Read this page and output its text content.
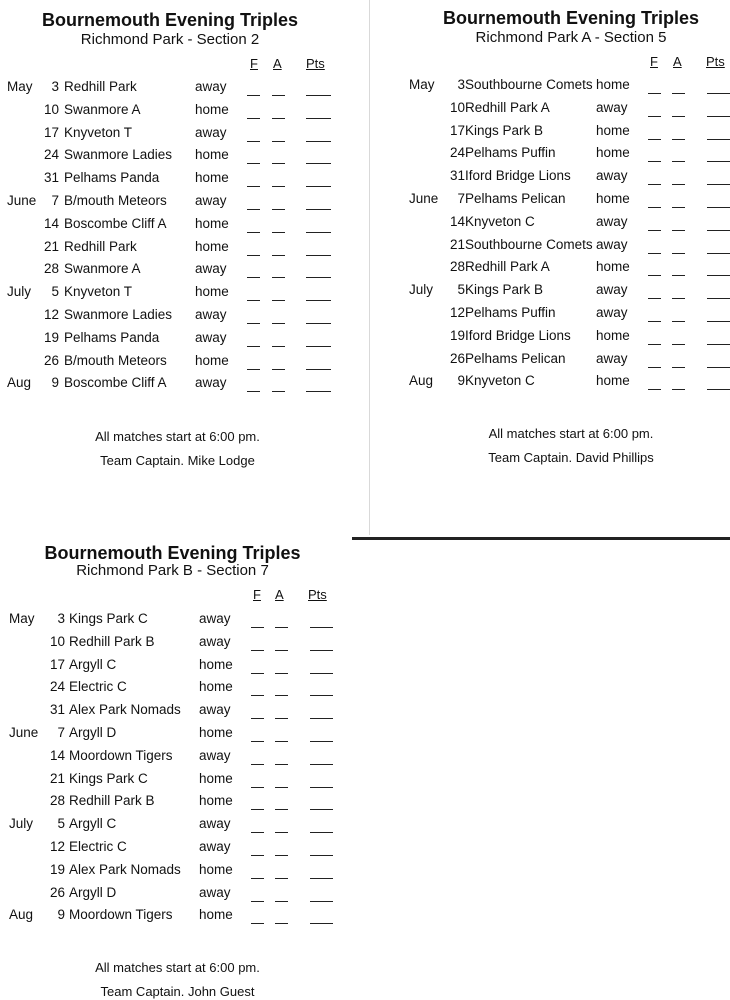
Bournemouth Evening Triples
Richmond Park - Section 2
F A Pts
May	3 Redhill Park	away
10 Swanmore A	home
17 Knyveton T	away
24 Swanmore Ladies home
31 Pelhams Panda	home
June	7 B/mouth Meteors away
14 Boscombe Cliff A home
21 Redhill Park	home
28 Swanmore A	away
July	5 Knyveton T	home
12 Swanmore Ladies away
19 Pelhams Panda	away
26 B/mouth Meteors home
Aug	9 Boscombe Cliff A away
All matches start at 6:00 pm.
Team Captain. Mike Lodge
Bournemouth Evening Triples
Richmond Park A - Section 5
F A Pts
May	3 Southbourne Comets home
10 Redhill Park A	away
17 Kings Park B	home
24 Pelhams Puffin	home
31 Iford Bridge Lions away
June	7 Pelhams Pelican home
14 Knyveton C	away
21 Southbourne Comets away
28 Redhill Park A	home
July	5 Kings Park B	away
12 Pelhams Puffin	away
19 Iford Bridge Lions home
26 Pelhams Pelican away
Aug	9 Knyveton C	home
All matches start at 6:00 pm.
Team Captain. David Phillips
Bournemouth Evening Triples
Richmond Park B - Section 7
F A Pts
May	3 Kings Park C	away
10 Redhill Park B	away
17 Argyll C	home
24 Electric C	home
31 Alex Park Nomads away
June	7 Argyll D	home
14 Moordown Tigers away
21 Kings Park C	home
28 Redhill Park B	home
July	5 Argyll C	away
12 Electric C	away
19 Alex Park Nomads home
26 Argyll D	away
Aug	9 Moordown Tigers home
All matches start at 6:00 pm.
Team Captain. John Guest
